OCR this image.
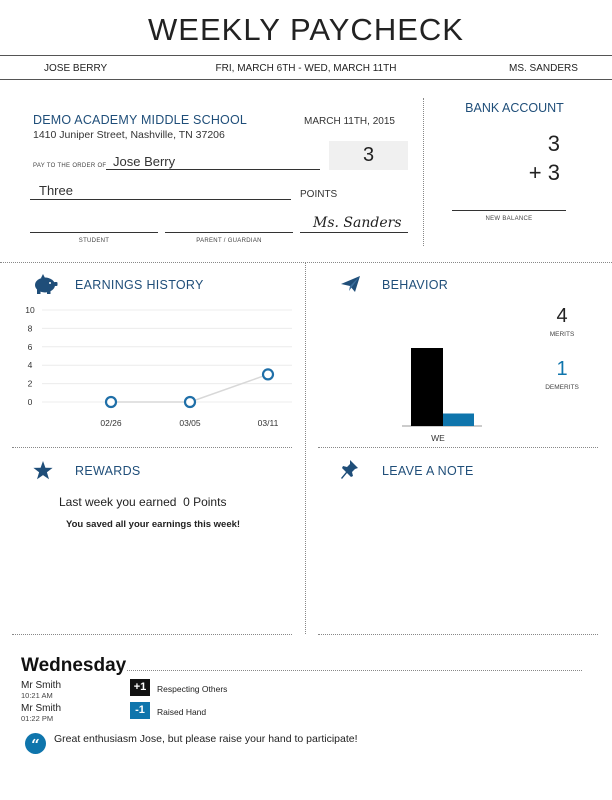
WEEKLY PAYCHECK
JOSE BERRY	FRI, MARCH 6TH - WED, MARCH 11TH	MS. SANDERS
DEMO ACADEMY MIDDLE SCHOOL
1410 Juniper Street, Nashville, TN 37206
MARCH 11TH, 2015
PAY TO THE ORDER OF Jose Berry	3
Three	POINTS
Ms. Sanders
STUDENT	PARENT / GUARDIAN
BANK ACCOUNT
3
+ 3
NEW BALANCE
EARNINGS HISTORY
10
8
6
4
2
0
02/26	03/05	03/11
BEHAVIOR
WE
4
MERITS
1
DEMERITS
REWARDS
Last week you earned  0 Points
You saved all your earnings this week!
LEAVE A NOTE
Wednesday
Mr Smith
10:21 AM
+1	Respecting Others
Mr Smith
01:22 PM
-1	Raised Hand
“ Great enthusiasm Jose, but please raise your hand to participate!
